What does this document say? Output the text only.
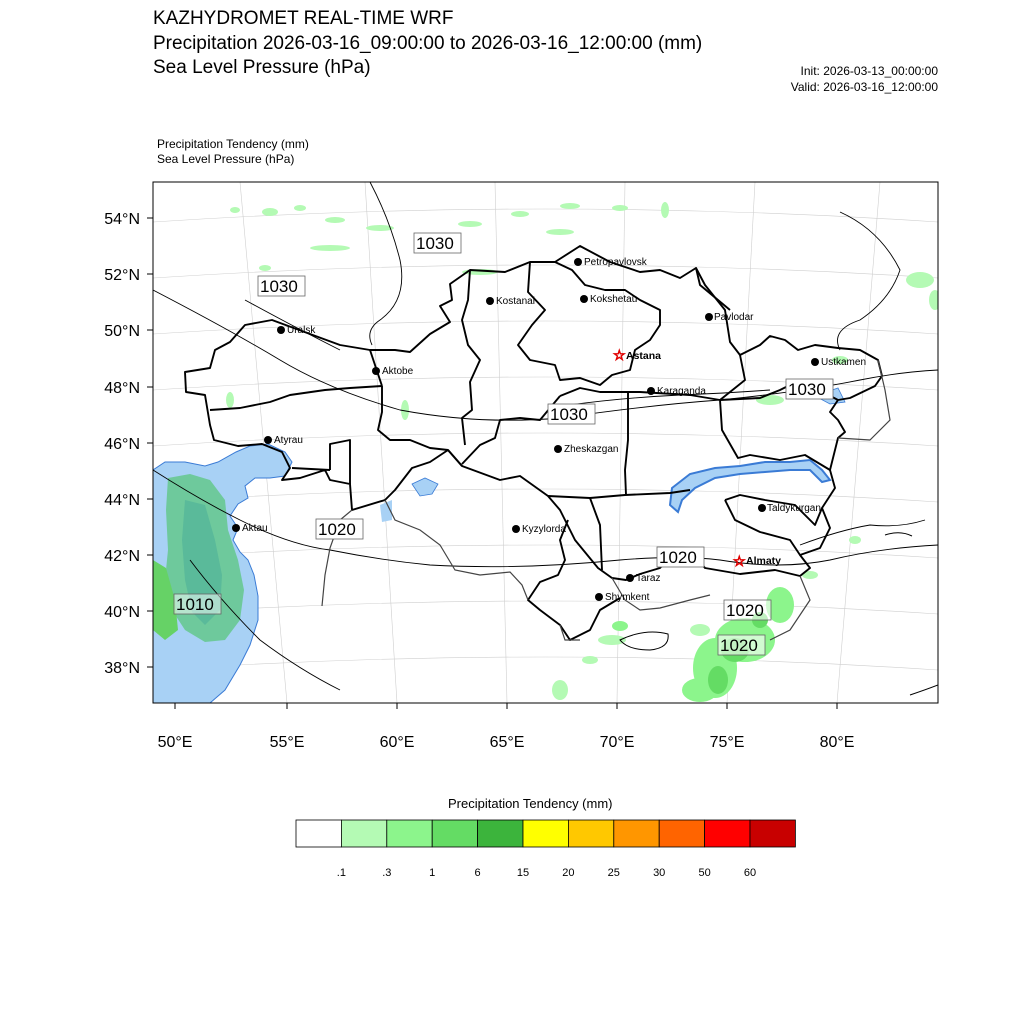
KAZHYDROMET REAL-TIME WRF
Precipitation 2026-03-16_09:00:00 to 2026-03-16_12:00:00 (mm)
Sea Level Pressure (hPa)	Init: 2026-03-13_00:00:00
Valid: 2026-03-16_12:00:00
Precipitation Tendency (mm)
Sea Level Pressure (hPa)
54°N
52°N
50°N
48°N
46°N
44°N
42°N
40°N
38°N
50°E	55°E	60°E	65°E	70°E	75°E	80°E
1030
1030
1030
1030
1020
1020
1010	1020
1020
Petropavlovsk
Kostanai	Kokshetau
Pavlodar
Uralsk
☆ Astana
Ustkamen
Aktobe
Karaganda
Atyrau
Zheskazgan
Taldykurgan
Aktau	Kyzylorda
☆ Almaty
Taraz
Shymkent
Precipitation Tendency (mm)
.1	.3	1	6	15	20	25	30	50	60
